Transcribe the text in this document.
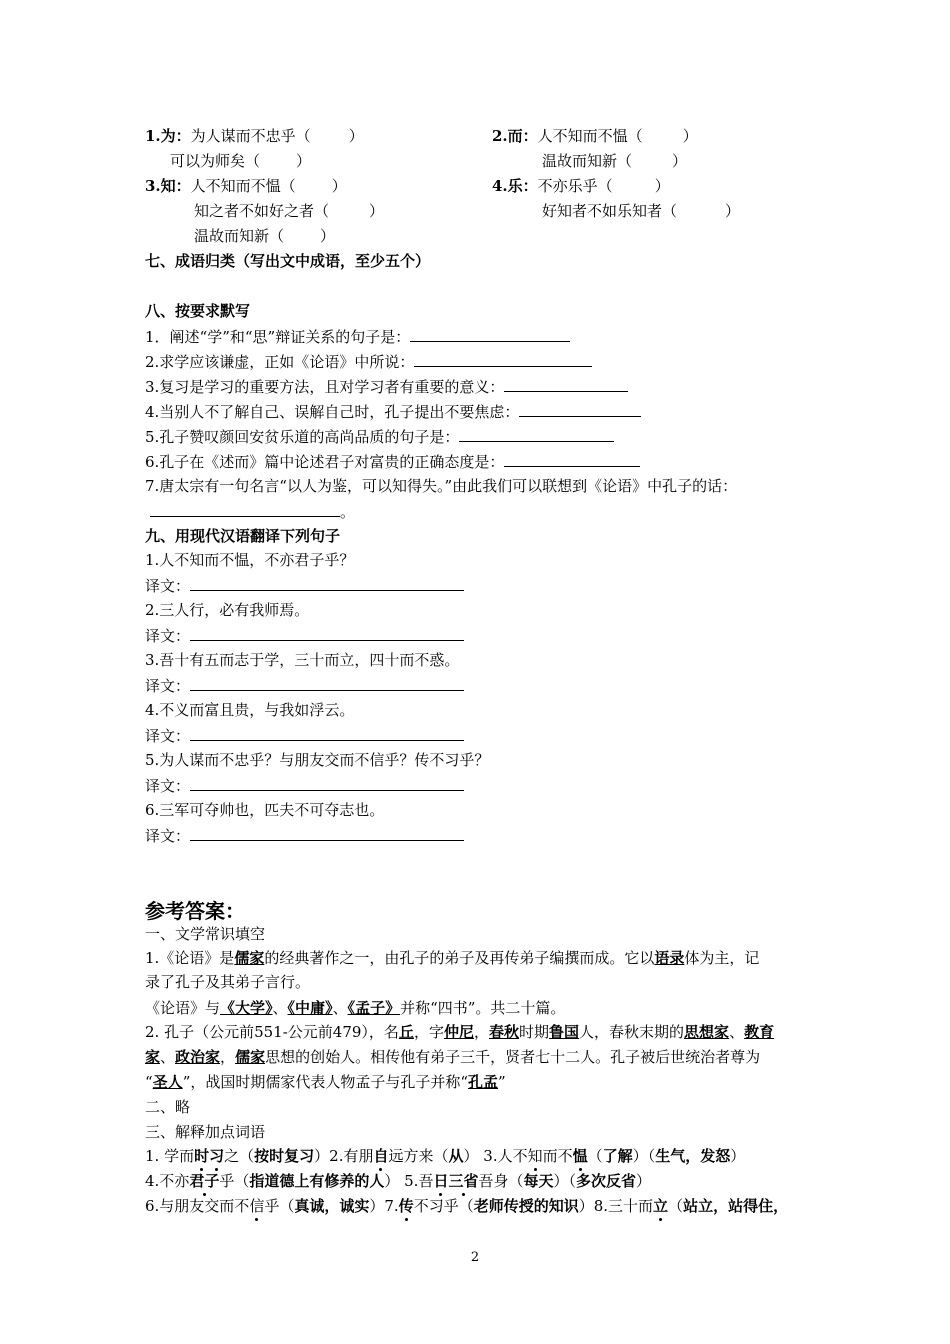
1.为：为人谋而不忠乎（	）	2.而：人不知而不愠（	）
可以为师矣（ ）	温故而知新（	）
3.知：人不知而不愠（ ）	4.乐：不亦乐乎（	）
知之者不如好之者（	）	好知者不如乐知者（	）
温故而知新（ ）
七、成语归类（写出文中成语，至少五个）
八、按要求默写
1．阐述“学”和“思”辩证关系的句子是：
2.求学应该谦虚，正如《论语》中所说：
3.复习是学习的重要方法，且对学习者有重要的意义：
4.当别人不了解自己、误解自己时，孔子提出不要焦虑：
5.孔子赞叹颜回安贫乐道的高尚品质的句子是：
6.孔子在《述而》篇中论述君子对富贵的正确态度是：
7.唐太宗有一句名言“以人为鉴，可以知得失。”由此我们可以联想到《论语》中孔子的话：
。
九、用现代汉语翻译下列句子
1.人不知而不愠，不亦君子乎？
译文：
2.三人行，必有我师焉。
译文：
3.吾十有五而志于学，三十而立，四十而不惑。
译文：
4.不义而富且贵，与我如浮云。
译文：
5.为人谋而不忠乎？与朋友交而不信乎？传不习乎？
译文：
6.三军可夺帅也，匹夫不可夺志也。
译文：
参考答案：
一、文学常识填空
1.《论语》是儒家的经典著作之一，由孔子的弟子及再传弟子编撰而成。它以语录体为主，记
录了孔子及其弟子言行。
《论语》与《大学》、《中庸》、《孟子》并称“四书”。共二十篇。
2. 孔子（公元前551-公元前479），名丘，字仲尼，春秋时期鲁国人，春秋末期的思想家、教育
家、政治家，儒家思想的创始人。相传他有弟子三千，贤者七十二人。孔子被后世统治者尊为
“圣人”，战国时期儒家代表人物孟子与孔子并称“孔孟”
二、略
三、解释加点词语
1. 学而时习之（按时复习）2.有朋自远方来（从） 3.人不知而不愠（了解）（生气，发怒）
4.不亦君子乎（指道德上有修养的人） 5.吾日三省吾身（每天）（多次反省）
6.与朋友交而不信乎（真诚，诚实）7.传不习乎（老师传授的知识）8.三十而立（站立，站得住，
2
